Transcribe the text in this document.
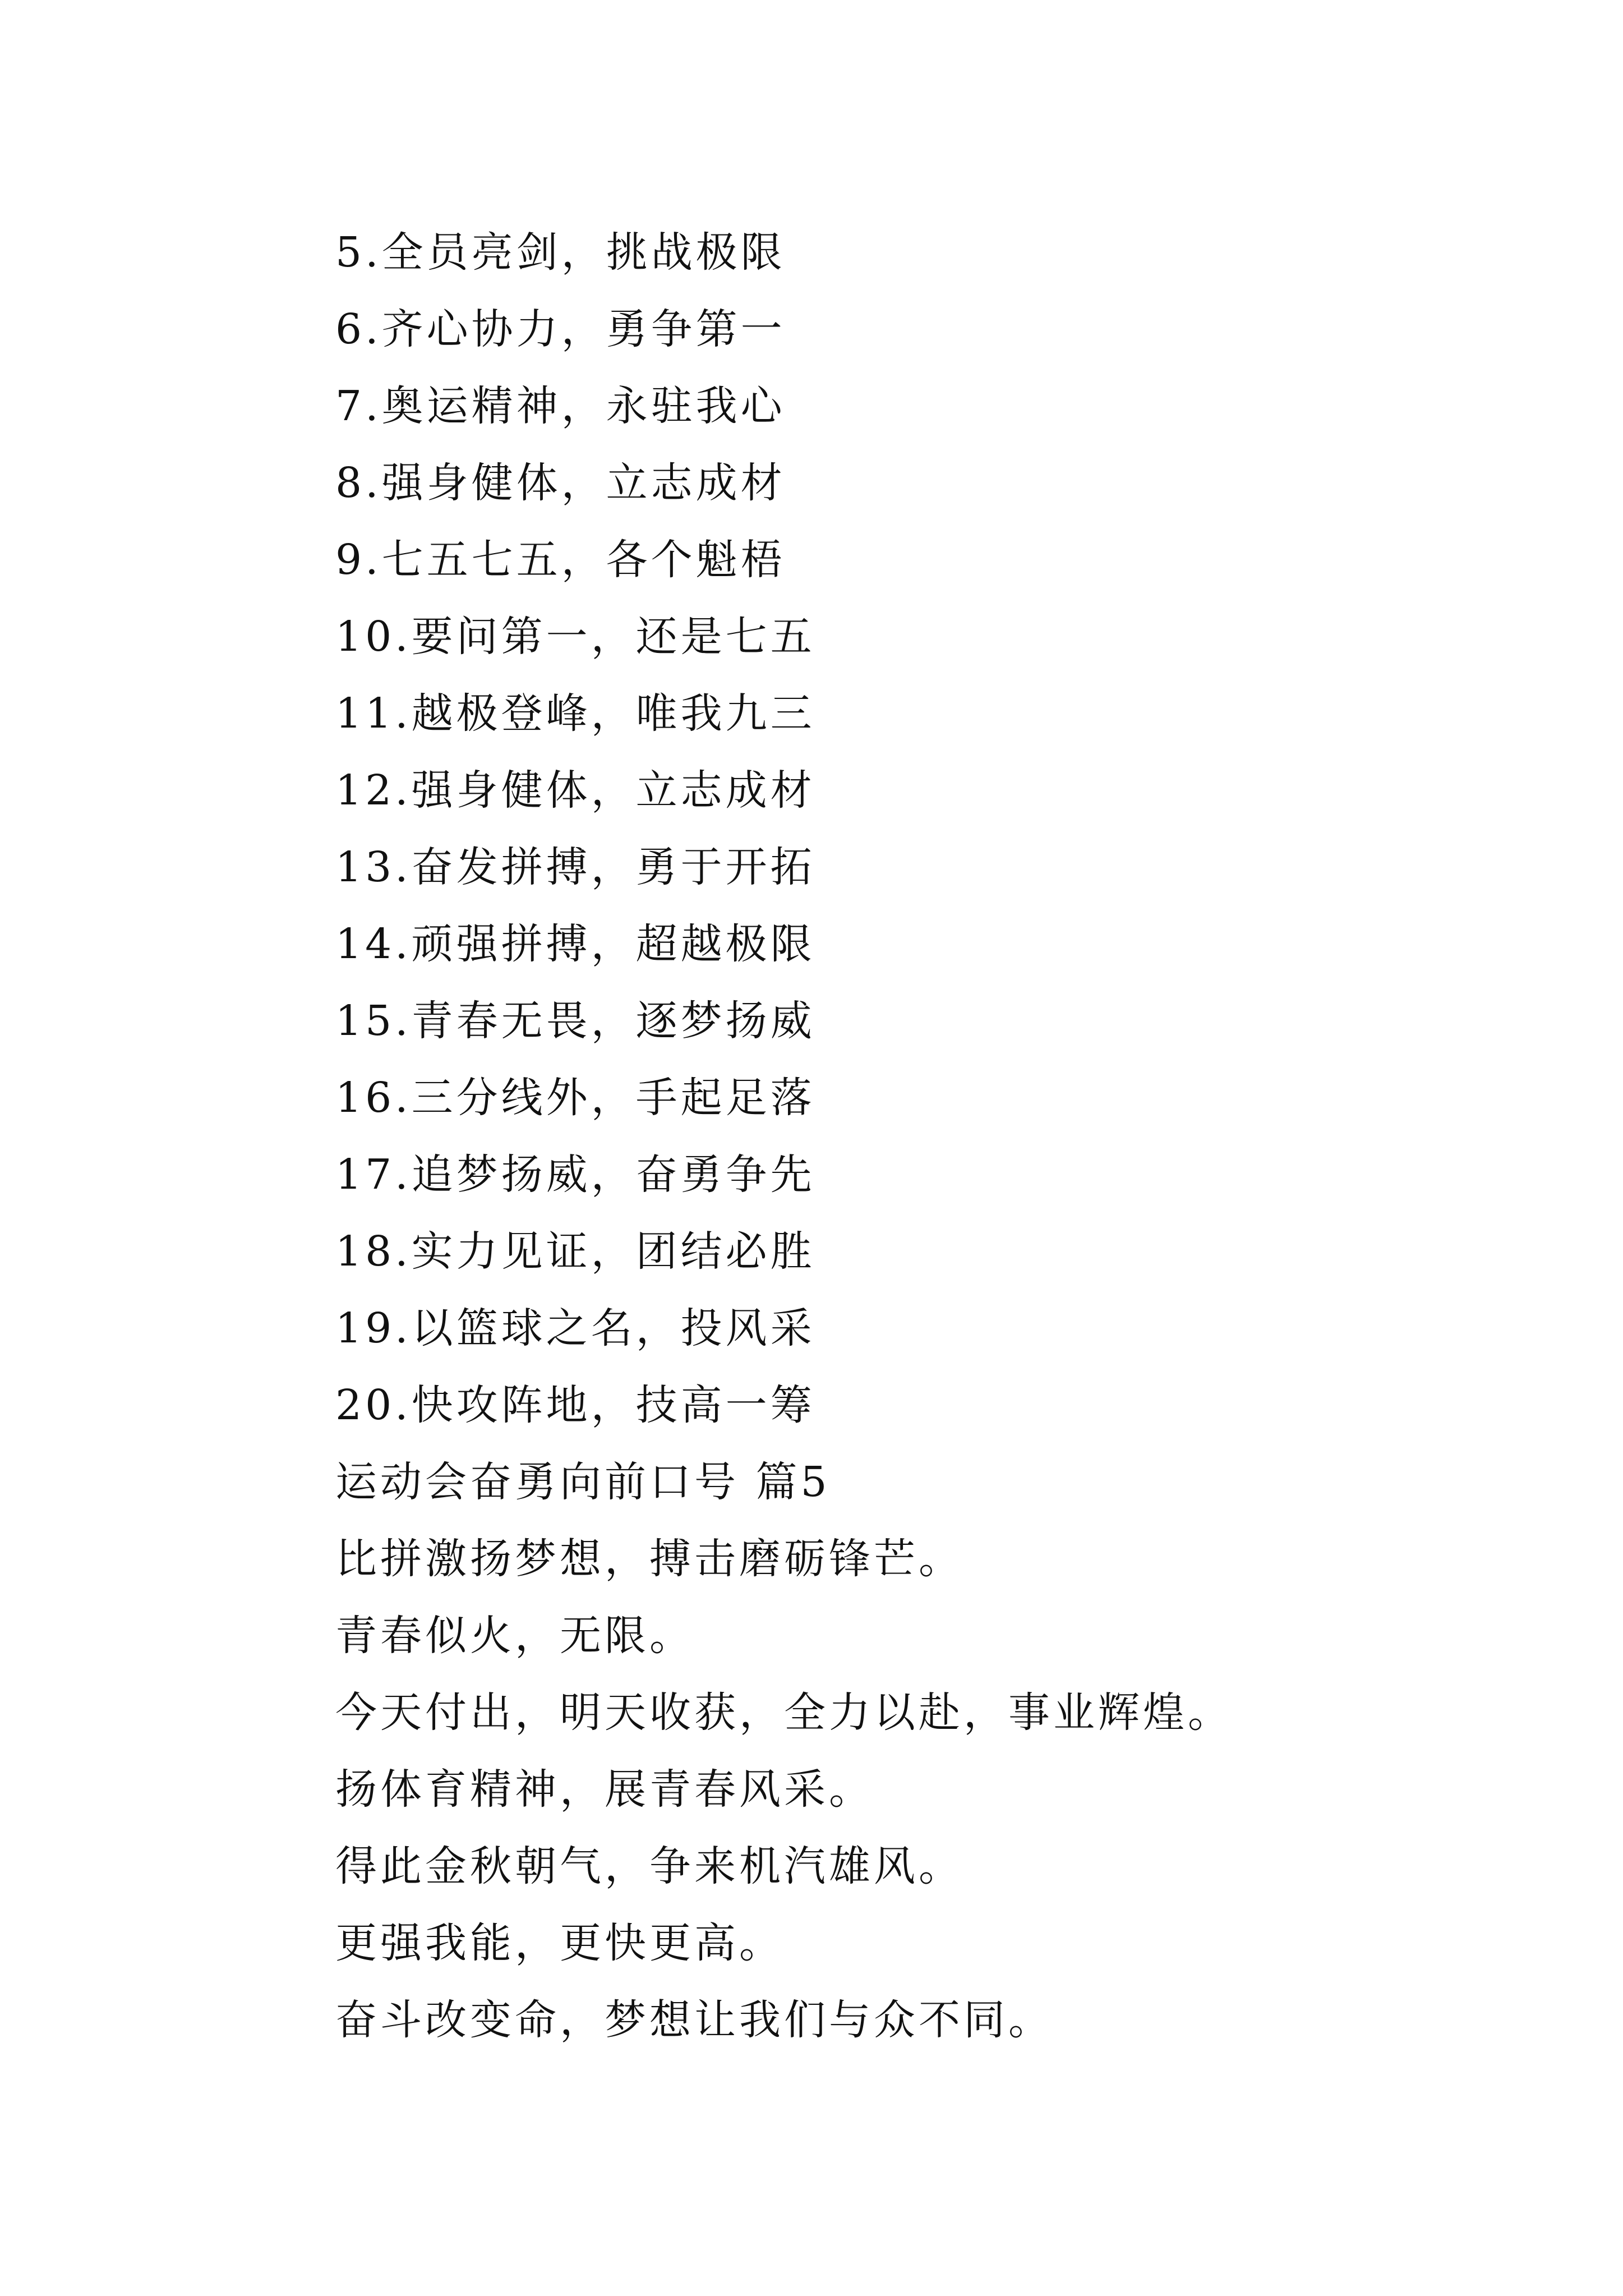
5.全员亮剑，挑战极限
6.齐心协力，勇争第一
7.奥运精神，永驻我心
8.强身健体，立志成材
9.七五七五，各个魁梧
10.要问第一，还是七五
11.越极登峰，唯我九三
12.强身健体，立志成材
13.奋发拼搏，勇于开拓
14.顽强拼搏，超越极限
15.青春无畏，逐梦扬威
16.三分线外，手起足落
17.追梦扬威，奋勇争先
18.实力见证，团结必胜
19.以篮球之名，投风采
20.快攻阵地，技高一筹
运动会奋勇向前口号 篇5
比拼激扬梦想，搏击磨砺锋芒。
青春似火，无限。
今天付出，明天收获，全力以赴，事业辉煌。
扬体育精神，展青春风采。
得此金秋朝气，争来机汽雄风。
更强我能，更快更高。
奋斗改变命，梦想让我们与众不同。
